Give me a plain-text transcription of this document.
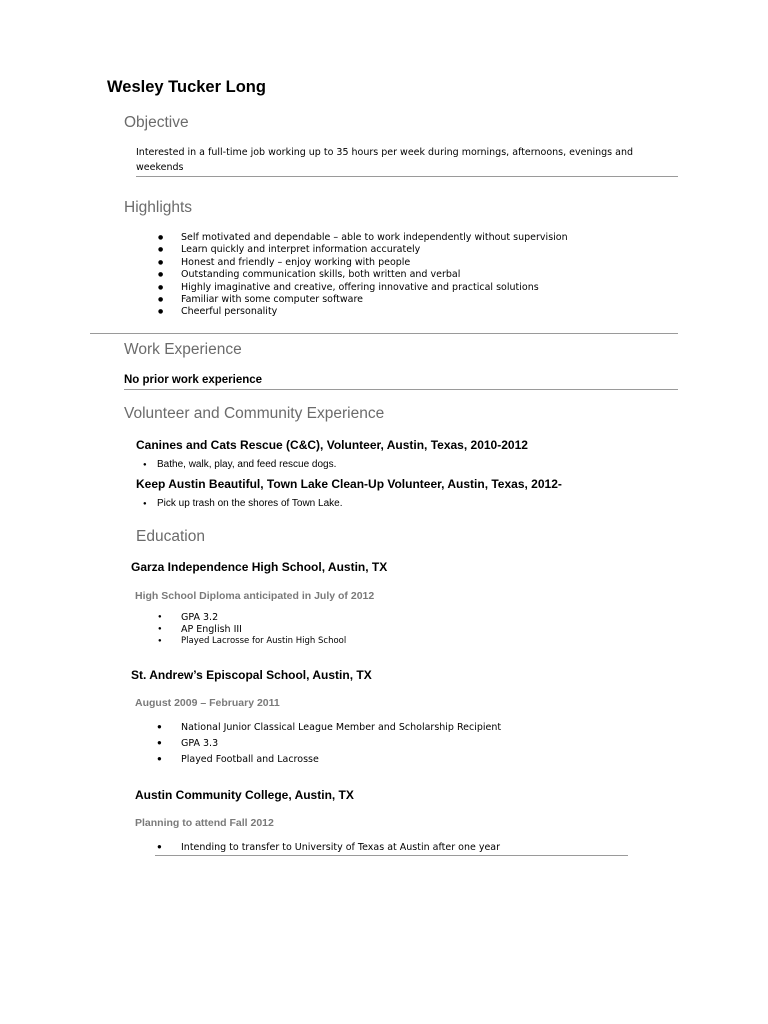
Wesley Tucker Long
Objective
Interested in a full-time job working up to 35 hours per week during mornings, afternoons, evenings and
weekends
Highlights
● Self motivated and dependable – able to work independently without supervision
● Learn quickly and interpret information accurately
● Honest and friendly – enjoy working with people
● Outstanding communication skills, both written and verbal
● Highly imaginative and creative, offering innovative and practical solutions
● Familiar with some computer software
● Cheerful personality
Work Experience
No prior work experience
Volunteer and Community Experience
Canines and Cats Rescue (C&C), Volunteer, Austin, Texas, 2010-2012
● Bathe, walk, play, and feed rescue dogs.
Keep Austin Beautiful, Town Lake Clean-Up Volunteer, Austin, Texas, 2012-
● Pick up trash on the shores of Town Lake.
Education
Garza Independence High School, Austin, TX
High School Diploma anticipated in July of 2012
● GPA 3.2
● AP English III
● Played Lacrosse for Austin High School
St. Andrew’s Episcopal School, Austin, TX
August 2009 – February 2011
● National Junior Classical League Member and Scholarship Recipient
● GPA 3.3
● Played Football and Lacrosse
Austin Community College, Austin, TX
Planning to attend Fall 2012
● Intending to transfer to University of Texas at Austin after one year
